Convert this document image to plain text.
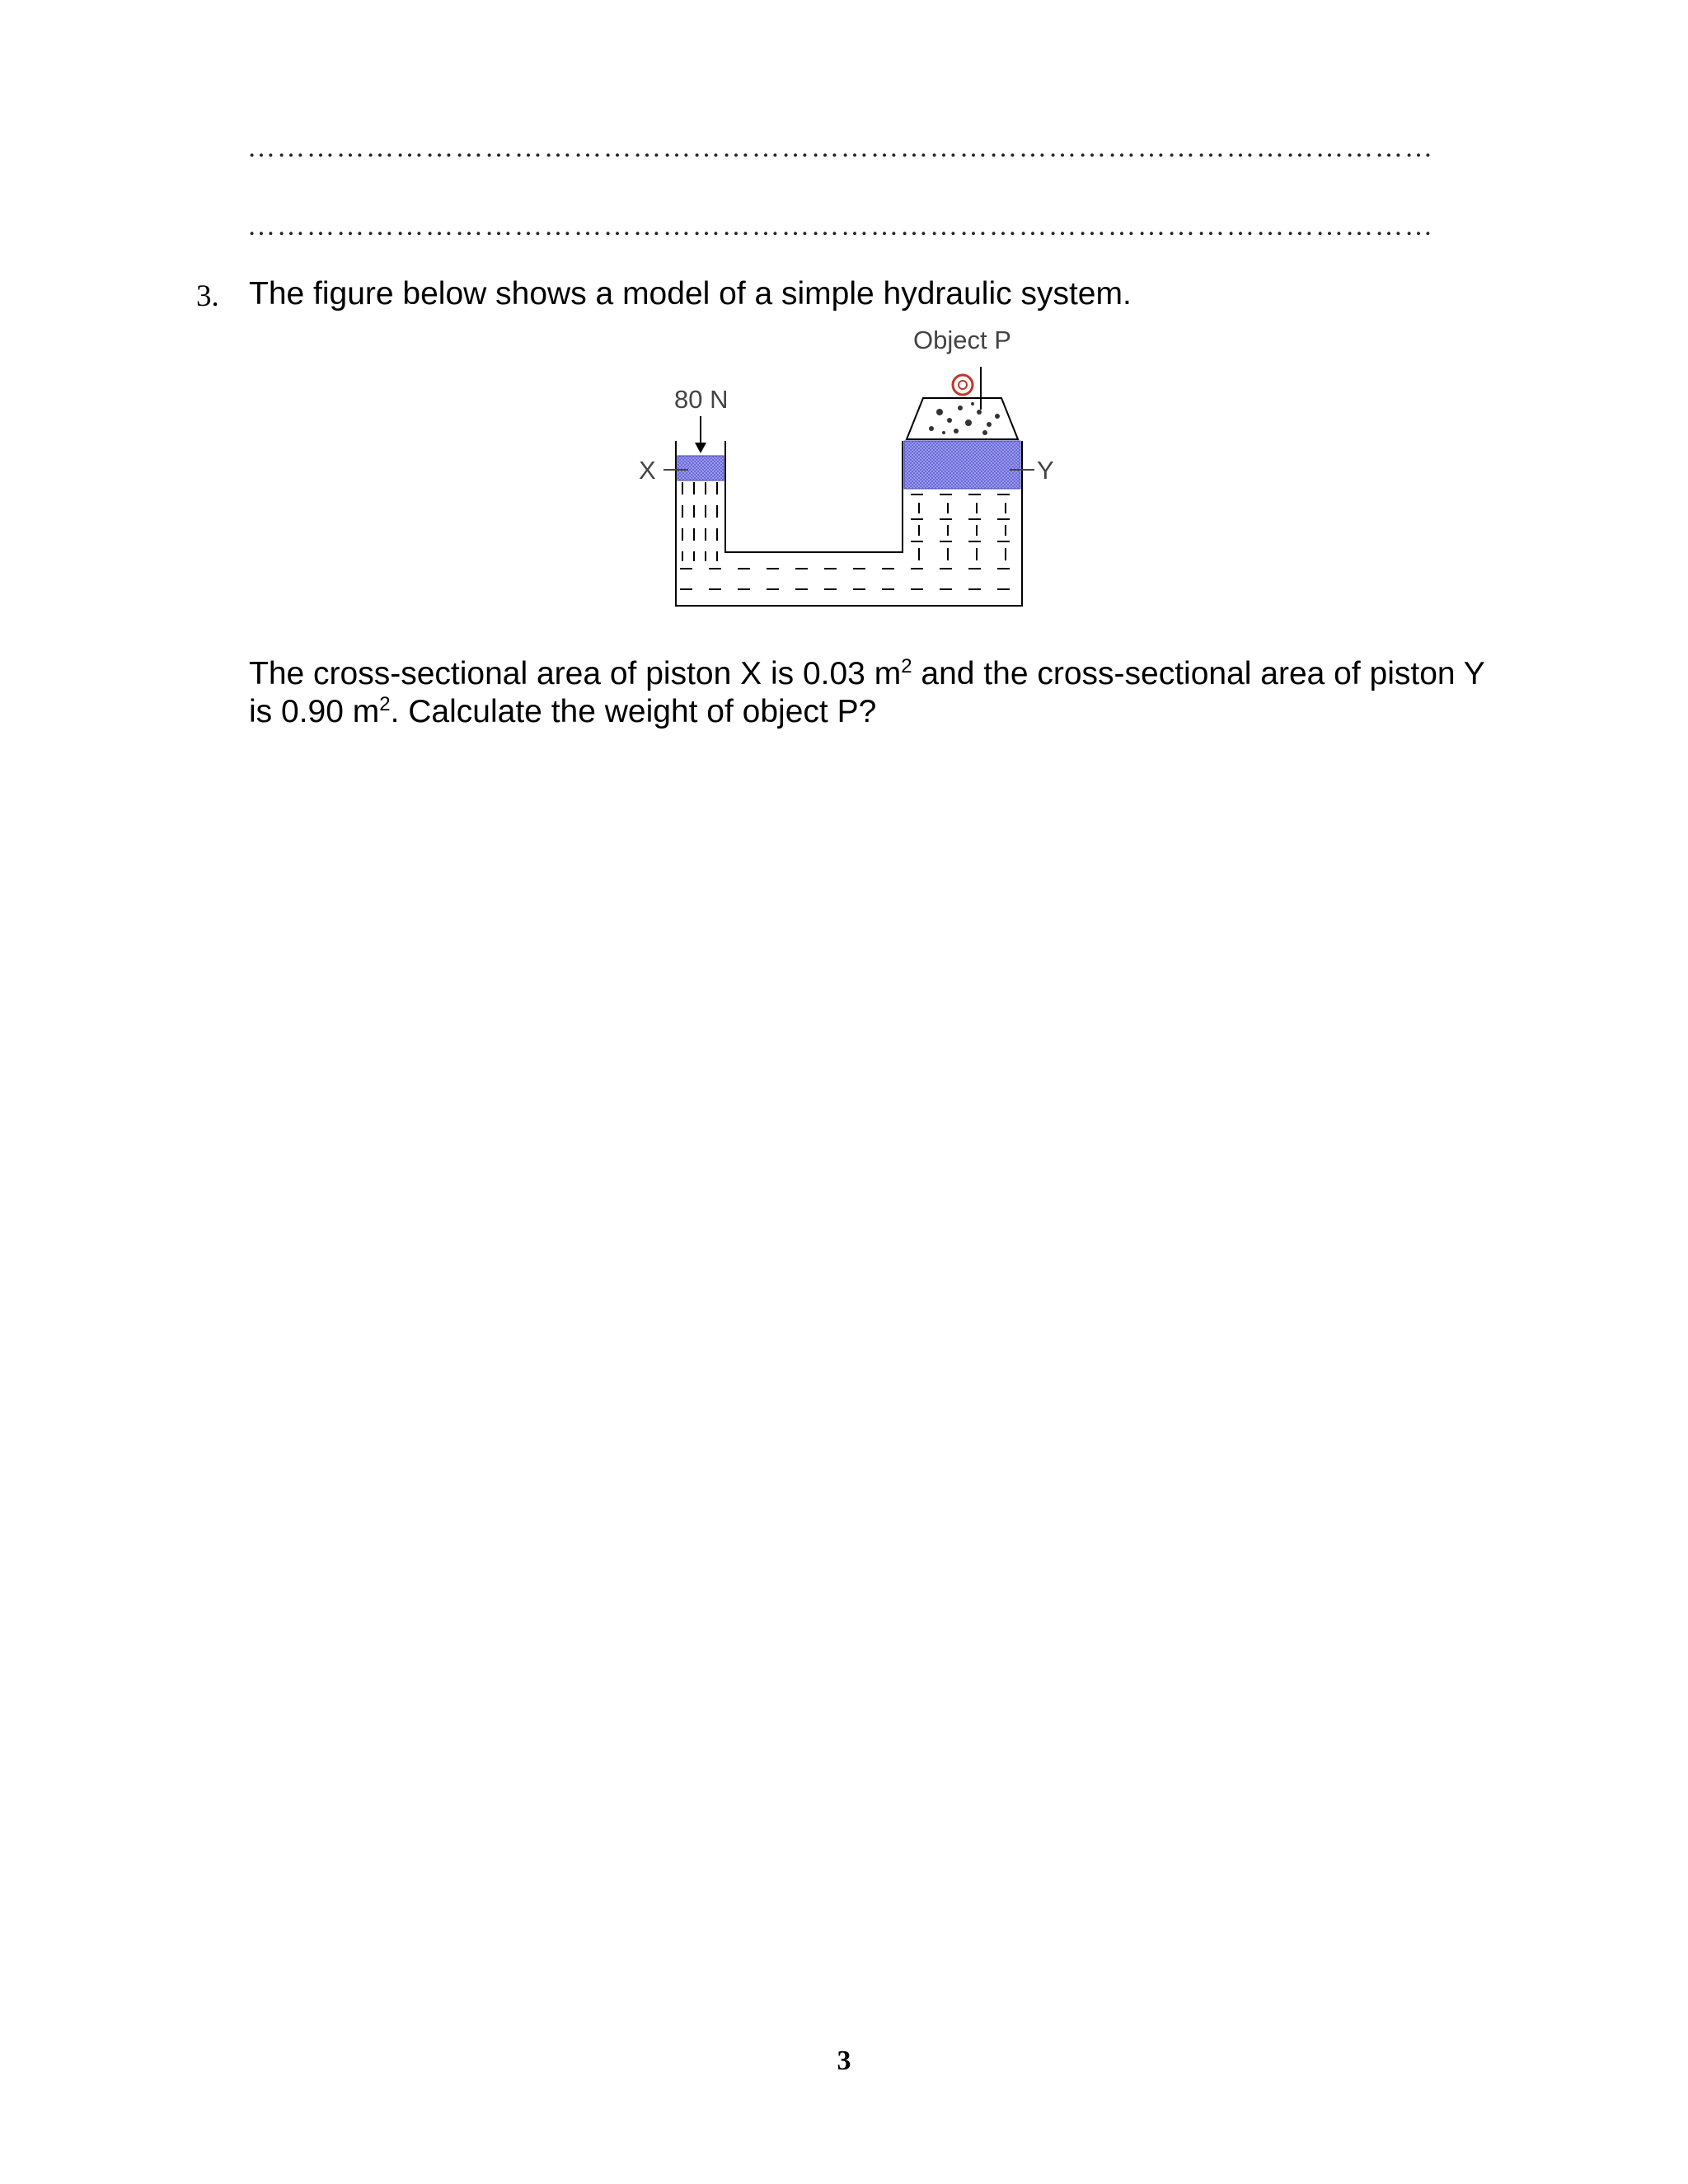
…………………………………………………………………………………………………………
…………………………………………………………………………………………………………
3. The figure below shows a model of a simple hydraulic system.
Object P
80 N
X	Y
The cross-sectional area of piston X is 0.03 $m^2$ and the cross-sectional area of piston Y is 0.90 $m^2$. Calculate the weight of object P?
3
